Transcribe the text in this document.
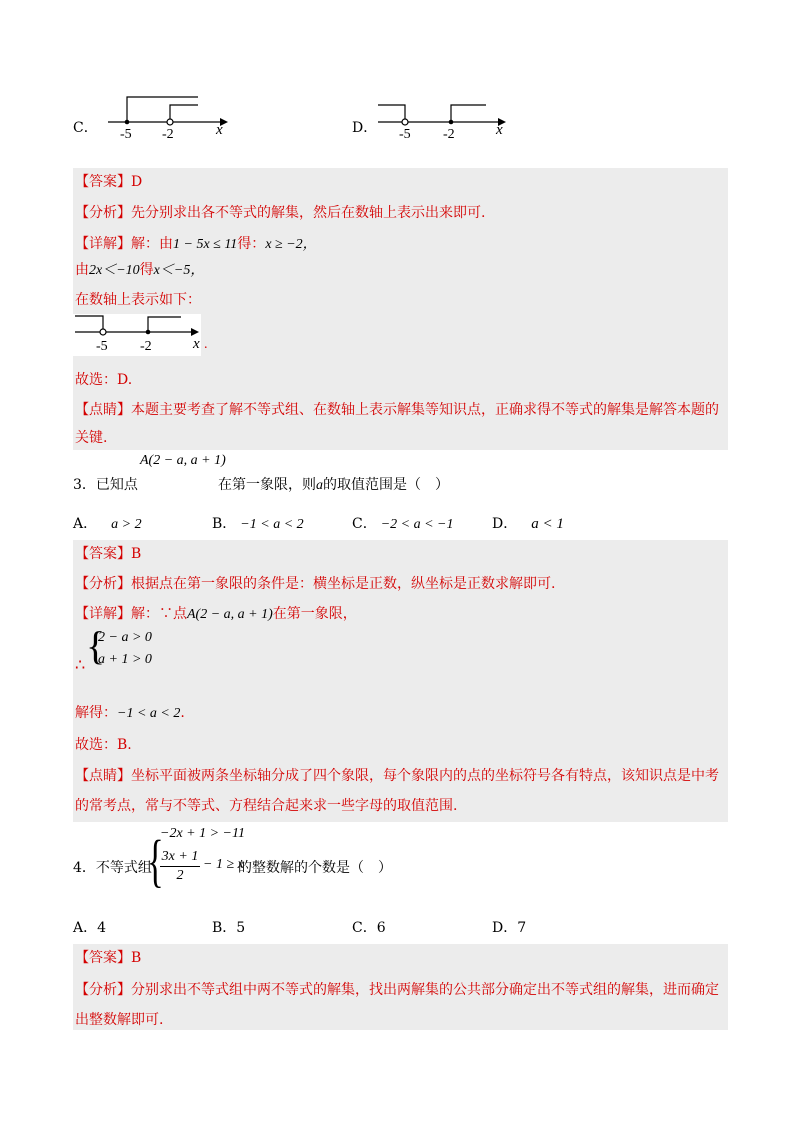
C． -5 -2	x	D． -5 -2	x
【答案】D
【分析】先分别求出各不等式的解集，然后在数轴上表示出来即可.
【详解】解：由1 − 5x ≤ 11得：x ≥ −2，
由2x＜−10得x＜−5，
在数轴上表示如下：
-5 -2	x .
故选：D.
【点睛】本题主要考查了解不等式组、在数轴上表示解集等知识点，正确求得不等式的解集是解答本题的
关键.
3．已知点
A(2 − a, a + 1)
在第一象限，则a的取值范围是（　）
A． a > 2	B． −1 < a < 2	C． −2 < a < −1	D． a < 1
【答案】B
【分析】根据点在第一象限的条件是：横坐标是正数，纵坐标是正数求解即可.
【详解】解：∵点A(2 − a, a + 1)在第一象限，
∴ {
2 − a > 0
a + 1 > 0
解得：−1 < a < 2.
故选：B.
【点睛】坐标平面被两条坐标轴分成了四个象限，每个象限内的点的坐标符号各有特点，该知识点是中考
的常考点，常与不等式、方程结合起来求一些字母的取值范围.
4．不等式组
{
−2x + 1 > −11
$\frac{3x + 1}{2} - 1 \ge x$
的整数解的个数是（　）
A．4	B．5	C．6	D．7
【答案】B
【分析】分别求出不等式组中两不等式的解集，找出两解集的公共部分确定出不等式组的解集，进而确定
出整数解即可.
